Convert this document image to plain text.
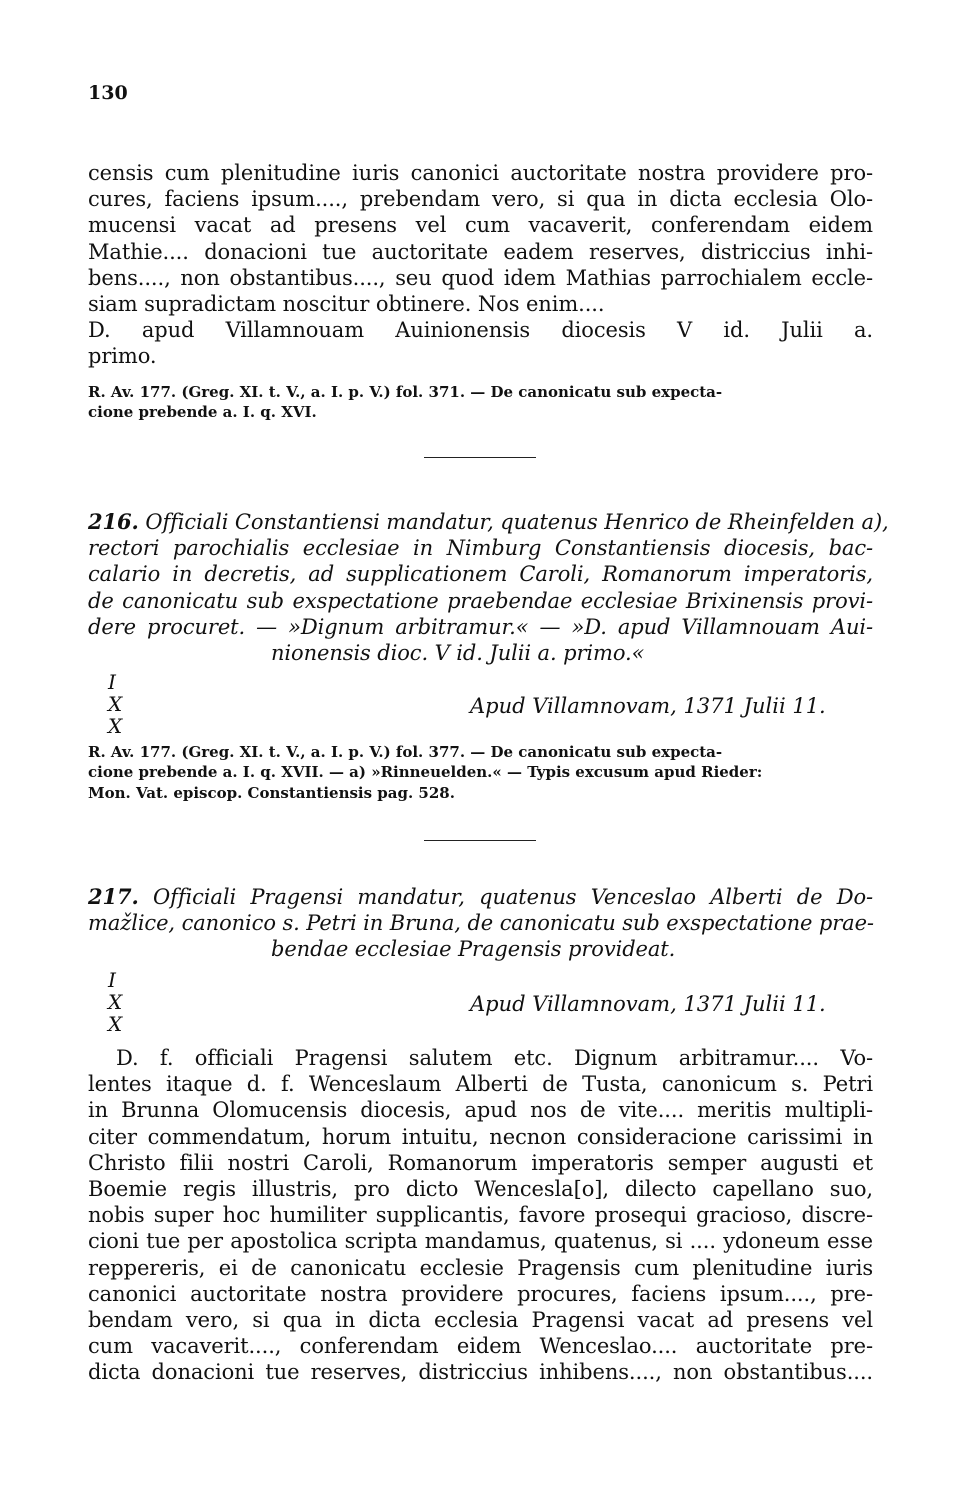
130
censis cum plenitudine iuris canonici auctoritate nostra providere pro-
cures, faciens ipsum...., prebendam vero, si qua in dicta ecclesia Olo-
mucensi vacat ad presens vel cum vacaverit, conferendam eidem
Mathie.... donacioni tue auctoritate eadem reserves, districcius inhi-
bens...., non obstantibus...., seu quod idem Mathias parrochialem eccle-
siam supradictam noscitur obtinere. Nos enim....
D. apud Villamnouam Auinionensis diocesis V id. Julii a.
primo.
R. Av. 177. (Greg. XI. t. V., a. I. p. V.) fol. 371. — De canonicatu sub expecta-
cione prebende a. I. q. XVI.
216. Officiali Constantiensi mandatur, quatenus Henrico de Rheinfelden a),
rectori parochialis ecclesiae in Nimburg Constantiensis diocesis, bac-
calario in decretis, ad supplicationem Caroli, Romanorum imperatoris,
de canonicatu sub exspectatione praebendae ecclesiae Brixinensis provi-
dere procuret. — »Dignum arbitramur.« — »D. apud Villamnouam Aui-
nionensis dioc. V id. Julii a. primo.«
I
X
X
Apud Villamnovam, 1371 Julii 11.
R. Av. 177. (Greg. XI. t. V., a. I. p. V.) fol. 377. — De canonicatu sub expecta-
cione prebende a. I. q. XVII. — a) »Rinneuelden.« — Typis excusum apud Rieder:
Mon. Vat. episcop. Constantiensis pag. 528.
217. Officiali Pragensi mandatur, quatenus Venceslao Alberti de Do-
mažlice, canonico s. Petri in Bruna, de canonicatu sub exspectatione prae-
bendae ecclesiae Pragensis provideat.
I
X
X
Apud Villamnovam, 1371 Julii 11.
D. f. officiali Pragensi salutem etc. Dignum arbitramur.... Vo-
lentes itaque d. f. Wenceslaum Alberti de Tusta, canonicum s. Petri
in Brunna Olomucensis diocesis, apud nos de vite.... meritis multipli-
citer commendatum, horum intuitu, necnon consideracione carissimi in
Christo filii nostri Caroli, Romanorum imperatoris semper augusti et
Boemie regis illustris, pro dicto Wencesla[o], dilecto capellano suo,
nobis super hoc humiliter supplicantis, favore prosequi gracioso, discre-
cioni tue per apostolica scripta mandamus, quatenus, si .... ydoneum esse
reppereris, ei de canonicatu ecclesie Pragensis cum plenitudine iuris
canonici auctoritate nostra providere procures, faciens ipsum...., pre-
bendam vero, si qua in dicta ecclesia Pragensi vacat ad presens vel
cum vacaverit...., conferendam eidem Wenceslao.... auctoritate pre-
dicta donacioni tue reserves, districcius inhibens...., non obstantibus....
